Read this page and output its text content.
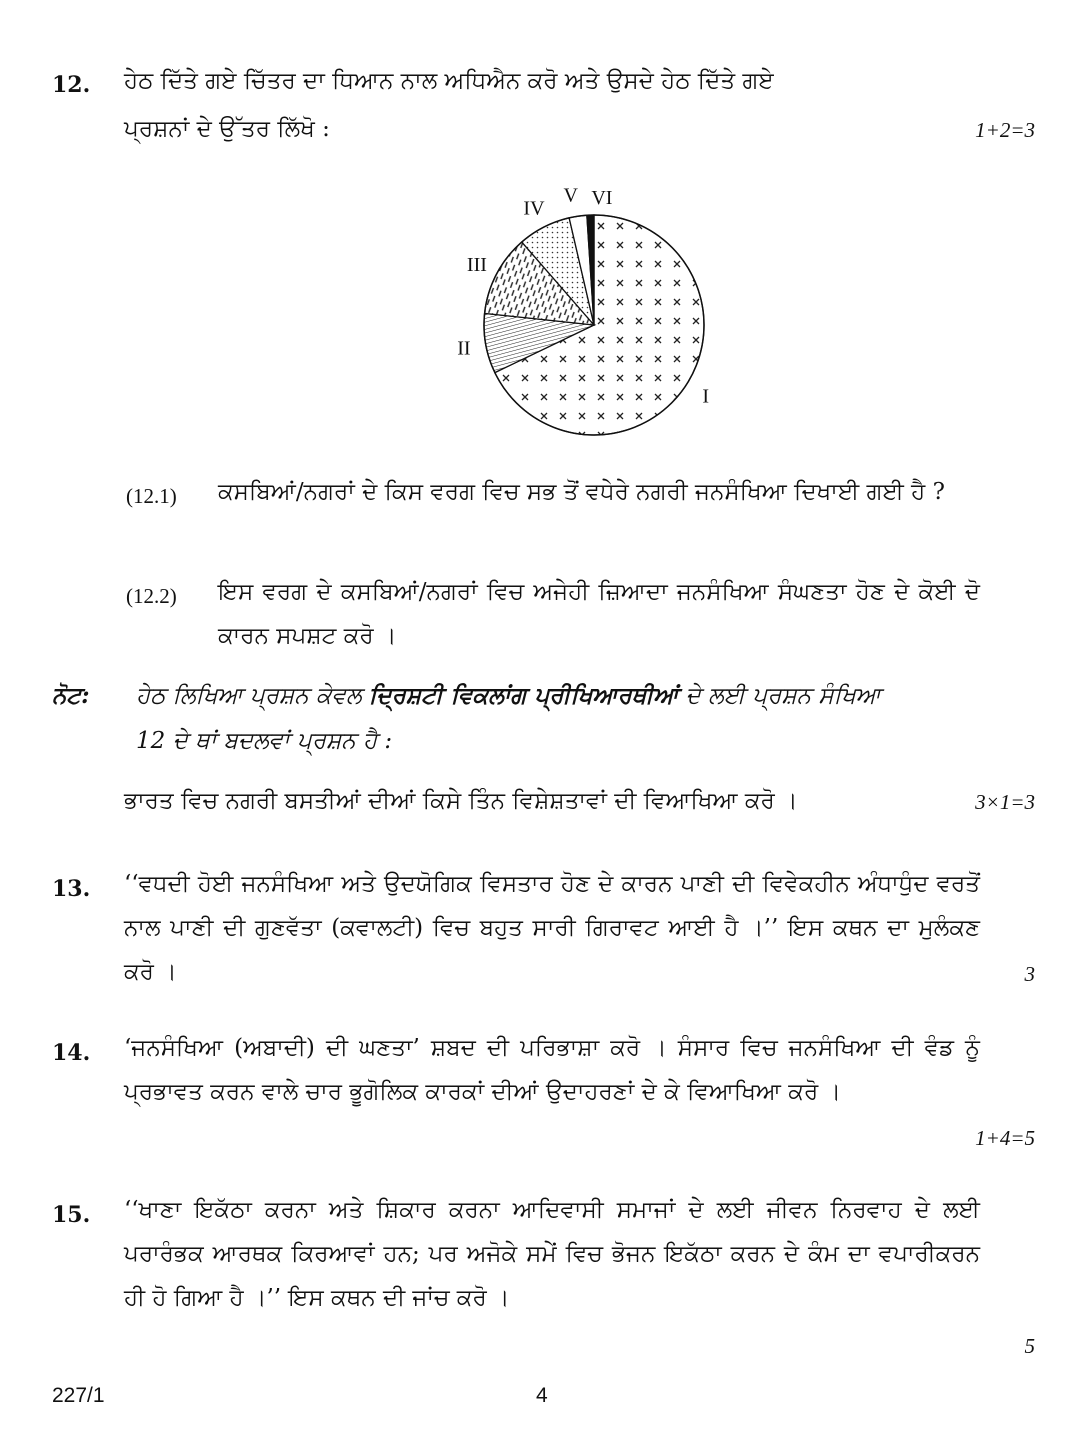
12. ਹੇਠ ਦਿੱਤੇ ਗਏ ਚਿੱਤਰ ਦਾ ਧਿਆਨ ਨਾਲ ਅਧਿਐਨ ਕਰੋ ਅਤੇ ਉਸਦੇ ਹੇਠ ਦਿੱਤੇ ਗਏ
ਪ੍ਰਸ਼ਨਾਂ ਦੇ ਉੱਤਰ ਲਿੱਖੋ :	1+2=3
I
II
III
IV
V VI
(12.1) ਕਸਬਿਆਂ/ਨਗਰਾਂ ਦੇ ਕਿਸ ਵਰਗ ਵਿਚ ਸਭ ਤੋਂ ਵਧੇਰੇ ਨਗਰੀ ਜਨਸੰਖਿਆ ਦਿਖਾਈ ਗਈ ਹੈ ?
(12.2) ਇਸ ਵਰਗ ਦੇ ਕਸਬਿਆਂ/ਨਗਰਾਂ ਵਿਚ ਅਜੇਹੀ ਜ਼ਿਆਦਾ ਜਨਸੰਖਿਆ ਸੰਘਣਤਾ ਹੋਣ ਦੇ ਕੋਈ ਦੋ ਕਾਰਨ ਸਪਸ਼ਟ ਕਰੋ ।
ਨੋਟ: ਹੇਠ ਲਿਖਿਆ ਪ੍ਰਸ਼ਨ ਕੇਵਲ ਦ੍ਰਿਸ਼ਟੀ ਵਿਕਲਾਂਗ ਪ੍ਰੀਖਿਆਰਥੀਆਂ ਦੇ ਲਈ ਪ੍ਰਸ਼ਨ ਸੰਖਿਆ
12 ਦੇ ਥਾਂ ਬਦਲਵਾਂ ਪ੍ਰਸ਼ਨ ਹੈ :
ਭਾਰਤ ਵਿਚ ਨਗਰੀ ਬਸਤੀਆਂ ਦੀਆਂ ਕਿਸੇ ਤਿੰਨ ਵਿਸ਼ੇਸ਼ਤਾਵਾਂ ਦੀ ਵਿਆਖਿਆ ਕਰੋ ।	3×1=3
13. ‘‘ਵਧਦੀ ਹੋਈ ਜਨਸੰਖਿਆ ਅਤੇ ਉਦਯੋਗਿਕ ਵਿਸਤਾਰ ਹੋਣ ਦੇ ਕਾਰਨ ਪਾਣੀ ਦੀ ਵਿਵੇਕਹੀਨ ਅੰਧਾਧੁੰਦ ਵਰਤੋਂ ਨਾਲ ਪਾਣੀ ਦੀ ਗੁਣਵੱਤਾ (ਕਵਾਲਟੀ) ਵਿਚ ਬਹੁਤ ਸਾਰੀ ਗਿਰਾਵਟ ਆਈ ਹੈ ।’’ ਇਸ ਕਥਨ ਦਾ ਮੁਲੰਕਣ ਕਰੋ ।	3
14. ‘ਜਨਸੰਖਿਆ (ਅਬਾਦੀ) ਦੀ ਘਣਤਾ’ ਸ਼ਬਦ ਦੀ ਪਰਿਭਾਸ਼ਾ ਕਰੋ । ਸੰਸਾਰ ਵਿਚ ਜਨਸੰਖਿਆ ਦੀ ਵੰਡ ਨੂੰ ਪ੍ਰਭਾਵਤ ਕਰਨ ਵਾਲੇ ਚਾਰ ਭੂਗੋਲਿਕ ਕਾਰਕਾਂ ਦੀਆਂ ਉਦਾਹਰਣਾਂ ਦੇ ਕੇ ਵਿਆਖਿਆ ਕਰੋ ।
1+4=5
15. ‘‘ਖਾਣਾ ਇਕੱਠਾ ਕਰਨਾ ਅਤੇ ਸ਼ਿਕਾਰ ਕਰਨਾ ਆਦਿਵਾਸੀ ਸਮਾਜਾਂ ਦੇ ਲਈ ਜੀਵਨ ਨਿਰਵਾਹ ਦੇ ਲਈ ਪਰਾਰੰਭਕ ਆਰਥਕ ਕਿਰਆਵਾਂ ਹਨ; ਪਰ ਅਜੋਕੇ ਸਮੇਂ ਵਿਚ ਭੋਜਨ ਇਕੱਠਾ ਕਰਨ ਦੇ ਕੰਮ ਦਾ ਵਪਾਰੀਕਰਨ ਹੀ ਹੋ ਗਿਆ ਹੈ ।’’ ਇਸ ਕਥਨ ਦੀ ਜਾਂਚ ਕਰੋ ।
5
227/1	4
